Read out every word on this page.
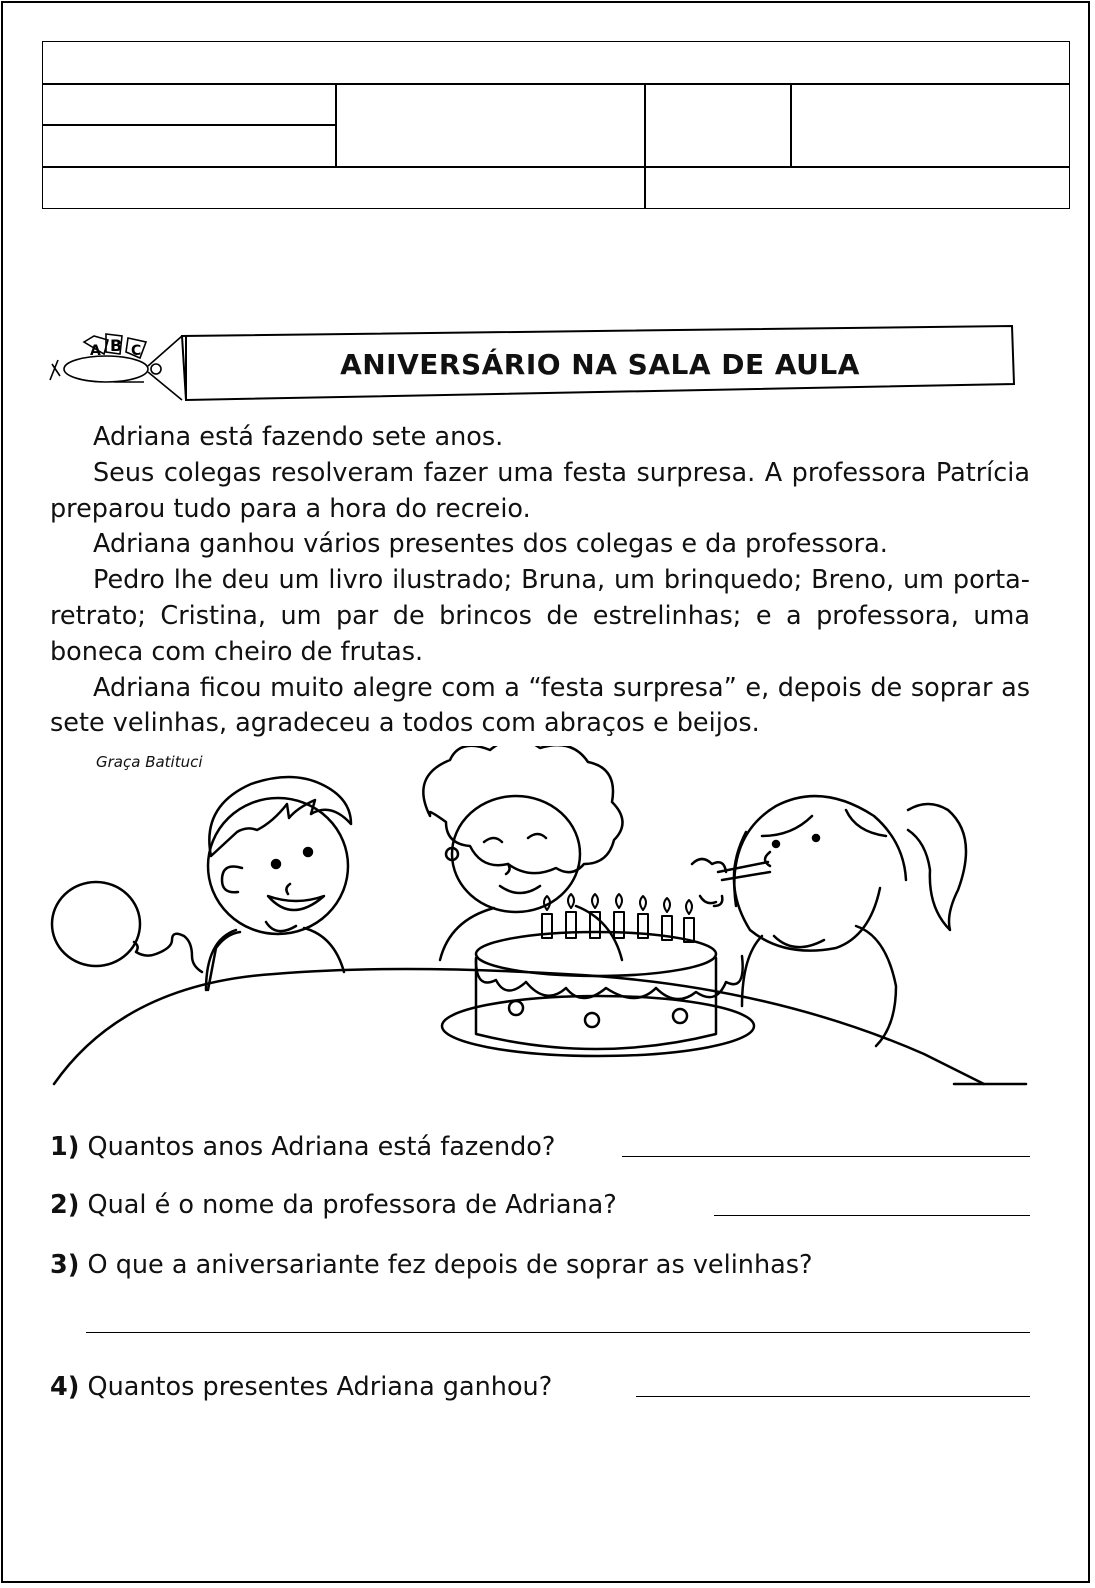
A B C	ANIVERSÁRIO NA SALA DE AULA

Adriana está fazendo sete anos.

Seus colegas resolveram fazer uma festa surpresa. A professora Patrícia preparou tudo para a hora do recreio.

Adriana ganhou vários presentes dos colegas e da professora.

Pedro lhe deu um livro ilustrado; Bruna, um brinquedo; Breno, um porta-retrato; Cristina, um par de brincos de estrelinhas; e a professora, uma boneca com cheiro de frutas.

Adriana ficou muito alegre com a “festa surpresa” e, depois de soprar as sete velinhas, agradeceu a todos com abraços e beijos.

Graça Batituci
1) Quantos anos Adriana está fazendo?
2) Qual é o nome da professora de Adriana?
3) O que a aniversariante fez depois de soprar as velinhas?
4) Quantos presentes Adriana ganhou?
